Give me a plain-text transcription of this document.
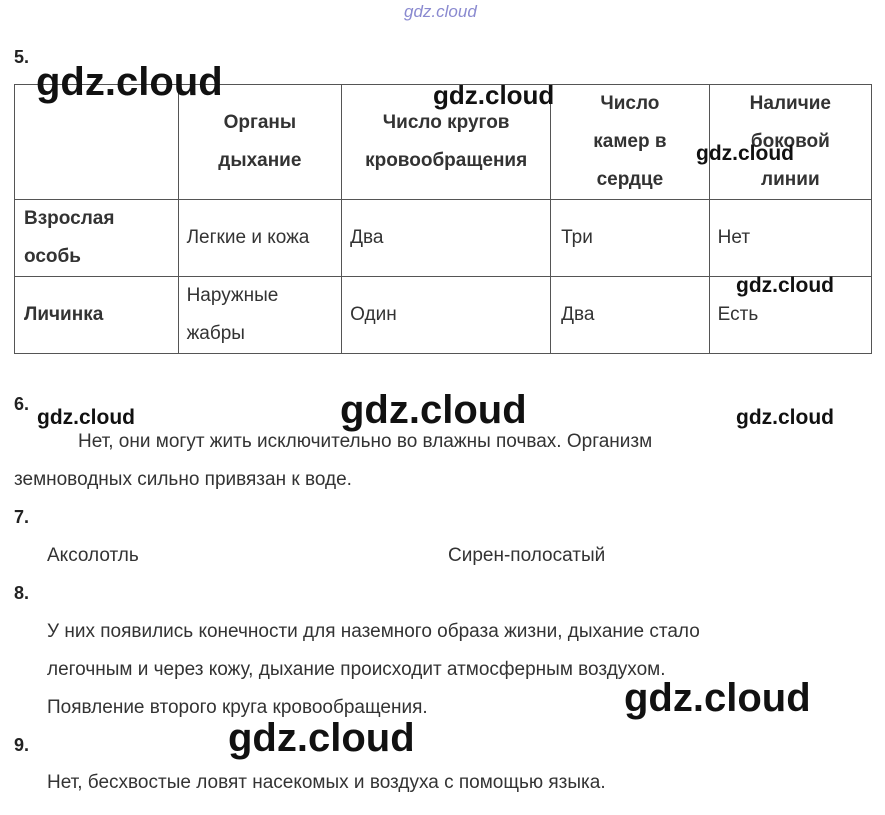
gdz.cloud
5.

	Органы дыхание	Число кругов кровообращения	Число камер в сердце	Наличие боковой линии

Взрослая особь	Легкие и кожа	Два	Три	Нет
Личинка	Наружные жабры	Один	Два	Есть
6.
Нет, они могут жить исключительно во влажны почвах. Организм земноводных сильно привязан к воде.
7.
Аксолотль	Сирен-полосатый
8.
У них появились конечности для наземного образа жизни, дыхание стало
легочным и через кожу, дыхание происходит атмосферным воздухом.
Появление второго круга кровообращения.
9.
Нет, бесхвостые ловят насекомых и воздуха с помощью языка.
gdz.cloud	gdz.cloud
gdz.cloud
gdz.cloud
gdz.cloud	gdz.cloud	gdz.cloud
gdz.cloud
gdz.cloud
